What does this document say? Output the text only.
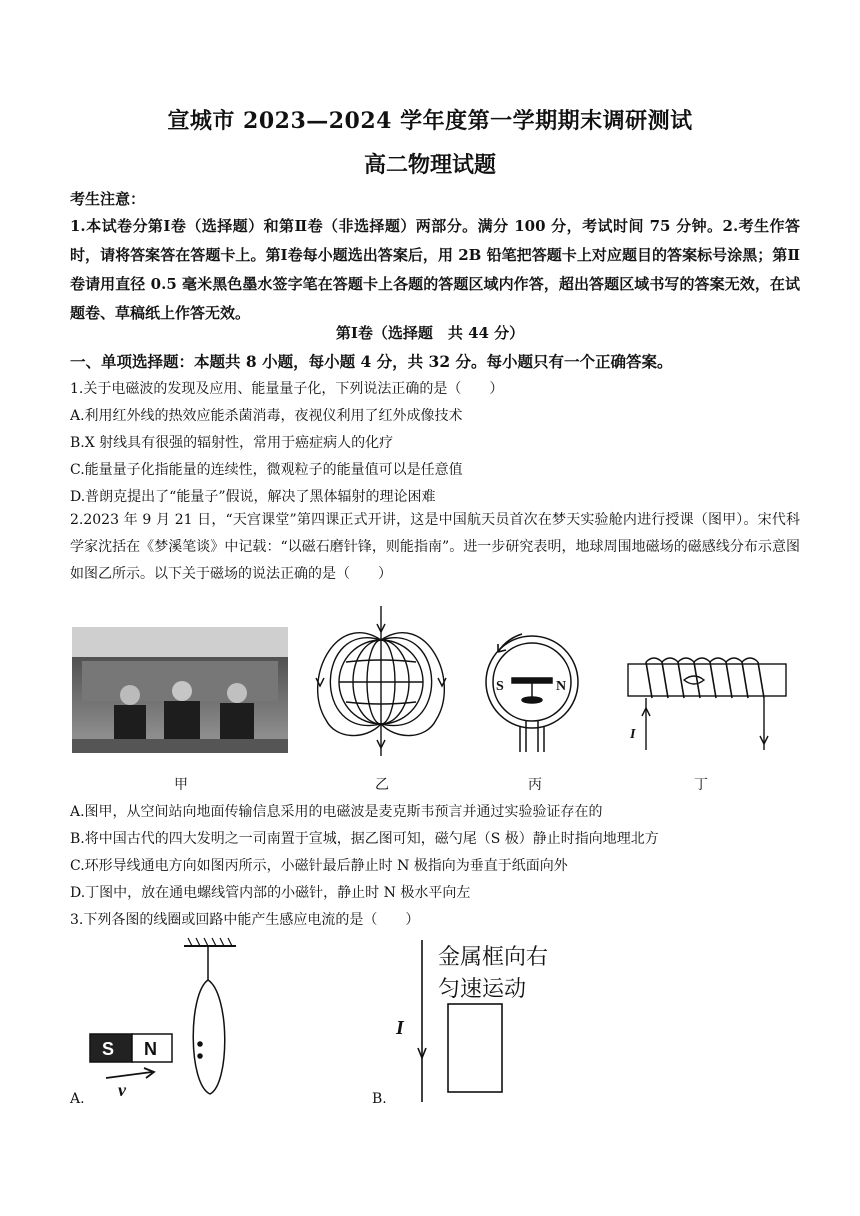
宣城市 2023—2024 学年度第一学期期末调研测试
高二物理试题
考生注意：
1.本试卷分第Ⅰ卷（选择题）和第Ⅱ卷（非选择题）两部分。满分 100 分，考试时间 75 分钟。2.考生作答时，请将答案答在答题卡上。第Ⅰ卷每小题选出答案后，用 2B 铅笔把答题卡上对应题目的答案标号涂黑；第Ⅱ卷请用直径 0.5 毫米黑色墨水签字笔在答题卡上各题的答题区域内作答，超出答题区域书写的答案无效，在试题卷、草稿纸上作答无效。
第Ⅰ卷（选择题　共 44 分）
一、单项选择题：本题共 8 小题，每小题 4 分，共 32 分。每小题只有一个正确答案。
1.关于电磁波的发现及应用、能量量子化，下列说法正确的是（　　）
A.利用红外线的热效应能杀菌消毒，夜视仪利用了红外成像技术
B.X 射线具有很强的辐射性，常用于癌症病人的化疗
C.能量量子化指能量的连续性，微观粒子的能量值可以是任意值
D.普朗克提出了“能量子”假说，解决了黑体辐射的理论困难
2.2023 年 9 月 21 日，“天宫课堂”第四课正式开讲，这是中国航天员首次在梦天实验舱内进行授课（图甲）。宋代科学家沈括在《梦溪笔谈》中记载：“以磁石磨针锋，则能指南”。进一步研究表明，地球周围地磁场的磁感线分布示意图如图乙所示。以下关于磁场的说法正确的是（　　）
S	N
I
甲	乙	丙	丁
A.图甲，从空间站向地面传输信息采用的电磁波是麦克斯韦预言并通过实验验证存在的
B.将中国古代的四大发明之一司南置于宣城，据乙图可知，磁勺尾（S 极）静止时指向地理北方
C.环形导线通电方向如图丙所示，小磁针最后静止时 N 极指向为垂直于纸面向外
D.丁图中，放在通电螺线管内部的小磁针，静止时 N 极水平向左
3.下列各图的线圈或回路中能产生感应电流的是（　　）
S N
v
A.
I
金属框向右
匀速运动
B.
